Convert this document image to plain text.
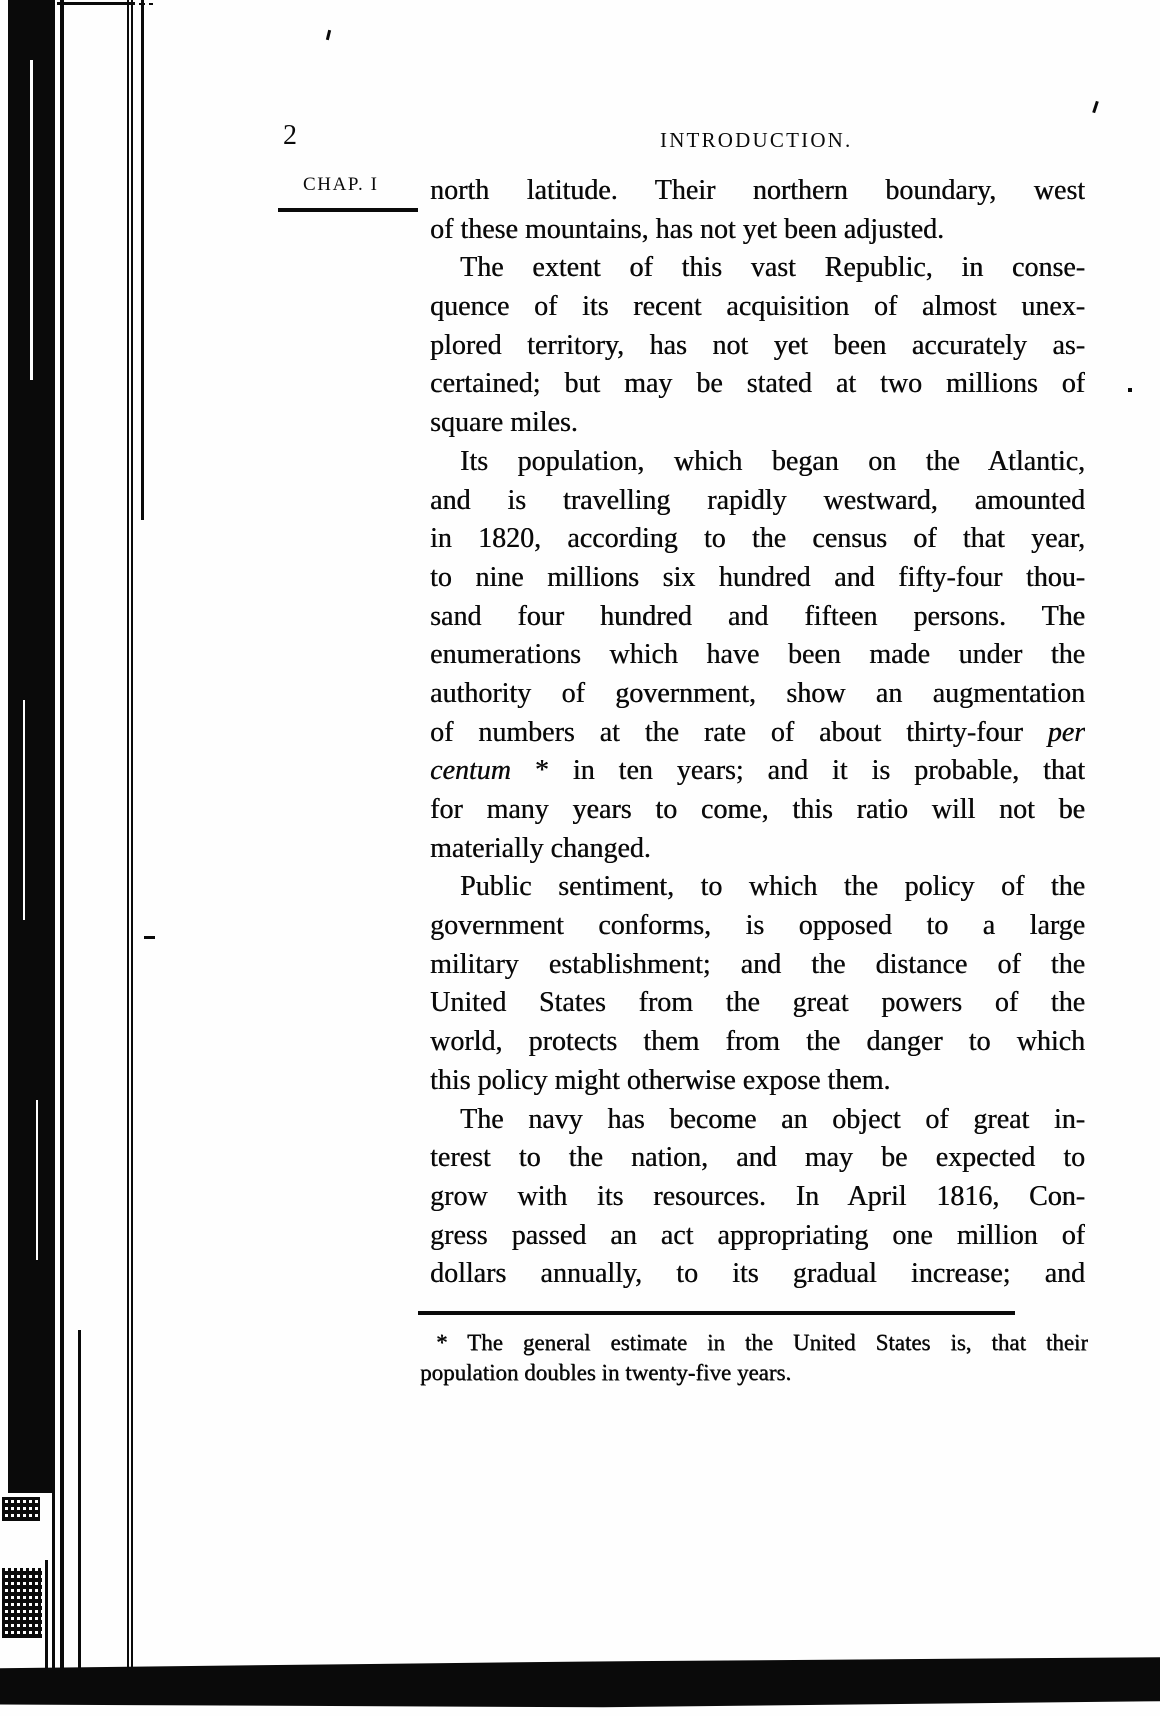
2	INTRODUCTION.
CHAP. I north latitude. Their northern boundary, west
of these mountains, has not yet been adjusted.
The extent of this vast Republic, in conse-
quence of its recent acquisition of almost unex-
plored territory, has not yet been accurately as-
certained; but may be stated at two millions of
square miles.
Its population, which began on the Atlantic,
and is travelling rapidly westward, amounted
in 1820, according to the census of that year,
to nine millions six hundred and fifty-four thou-
sand four hundred and fifteen persons. The
enumerations which have been made under the
authority of government, show an augmentation
of numbers at the rate of about thirty-four per
centum * in ten years; and it is probable, that
for many years to come, this ratio will not be
materially changed.
Public sentiment, to which the policy of the
government conforms, is opposed to a large
military establishment; and the distance of the
United States from the great powers of the
world, protects them from the danger to which
this policy might otherwise expose them.
The navy has become an object of great in-
terest to the nation, and may be expected to
grow with its resources. In April 1816, Con-
gress passed an act appropriating one million of
dollars annually, to its gradual increase; and
* The general estimate in the United States is, that their
population doubles in twenty-five years.
